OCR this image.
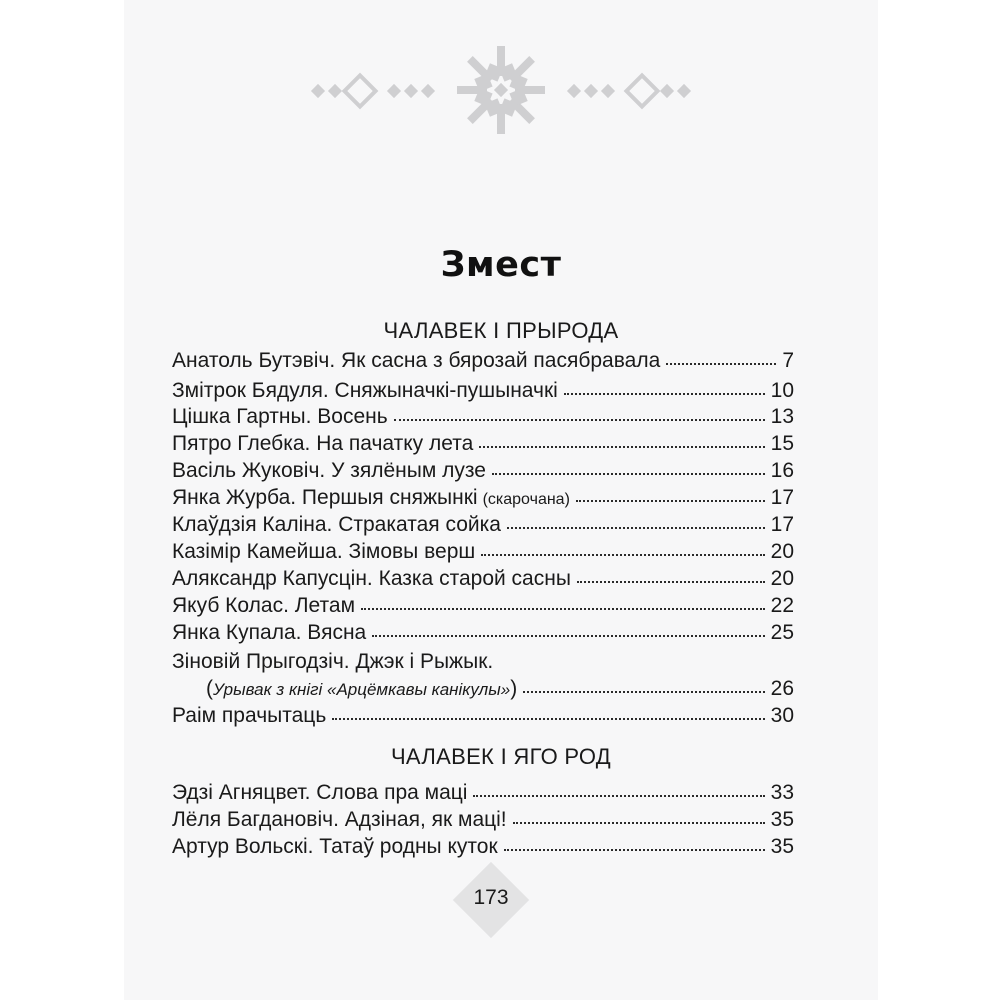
Змест
ЧАЛАВЕК І ПРЫРОДА
Анатоль Бутэвіч. Як сасна з бярозай пасябравала	7
Змітрок Бядуля. Сняжыначкі-пушыначкі	10
Цішка Гартны. Восень	13
Пятро Глебка. На пачатку лета	15
Васіль Жуковіч. У зялёным лузе	16
Янка Журба. Першыя сняжынкі (скарочана)	17
Клаўдзія Каліна. Стракатая сойка	17
Казімір Камейша. Зімовы верш	20
Аляксандр Капусцін. Казка старой сасны	20
Якуб Колас. Летам	22
Янка Купала. Вясна	25
Зіновій Прыгодзіч. Джэк і Рыжык.
( Урывак з кнігі «Арцёмкавы канікулы» )	26
Раім прачытаць	30
ЧАЛАВЕК І ЯГО РОД
Эдзі Агняцвет. Слова пра маці	33
Лёля Багдановіч. Адзіная, як маці!	35
Артур Вольскі. Татаў родны куток	35
173
